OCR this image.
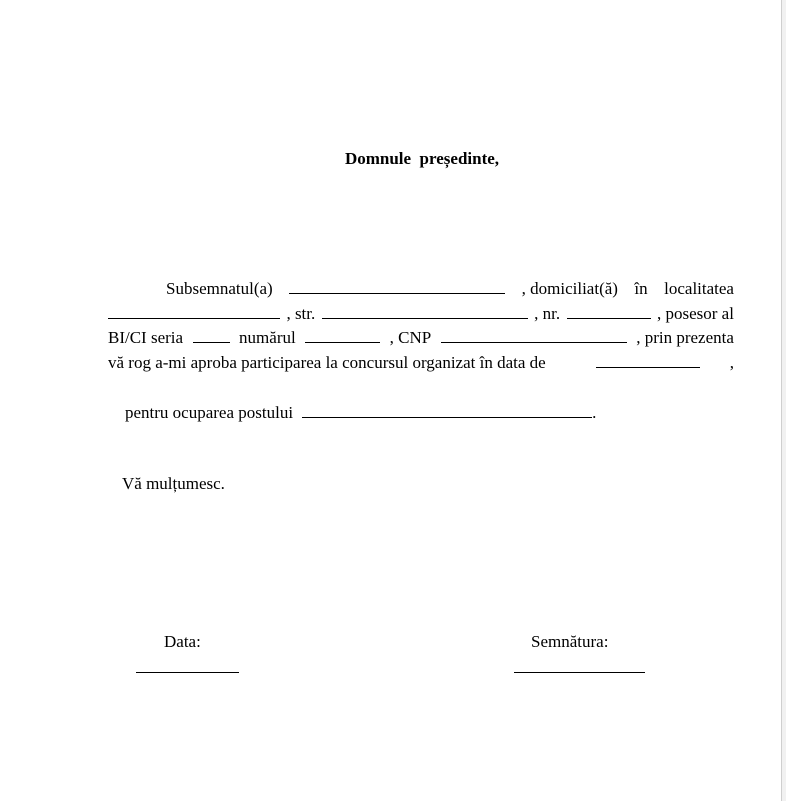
Domnule  președinte,
Subsemnatul(a)	, domiciliat(ă) în localitatea
, str.	, nr.	, posesor al
BI/CI seria	numărul	, CNP	, prin prezenta
vă rog a-mi aproba participarea la concursul organizat în data de	,

pentru ocuparea postului	.

Vă mulțumesc.
Data:	Semnătura:
